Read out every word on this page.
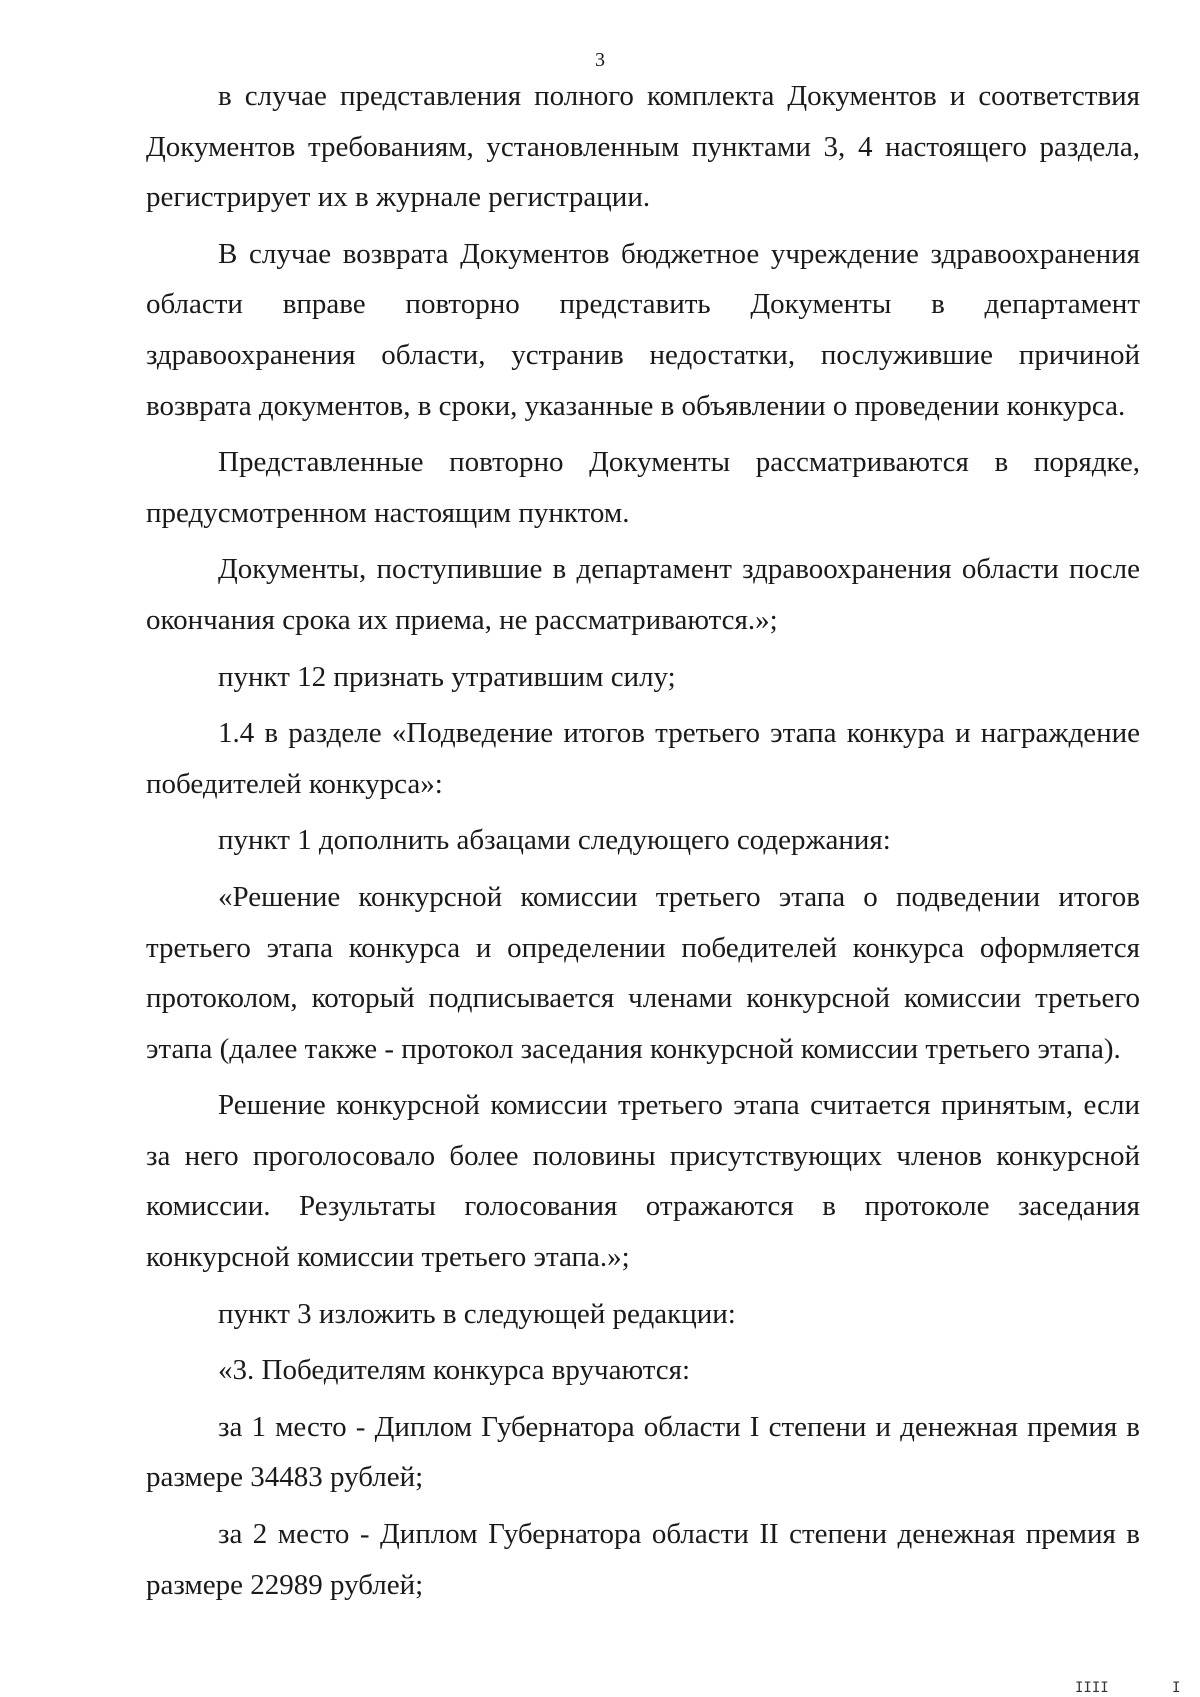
3

в случае представления полного комплекта Документов и соответствия Документов требованиям, установленным пунктами 3, 4 настоящего раздела, регистрирует их в журнале регистрации.

В случае возврата Документов бюджетное учреждение здравоохранения области вправе повторно представить Документы в департамент здравоохранения области, устранив недостатки, послужившие причиной возврата документов, в сроки, указанные в объявлении о проведении конкурса.

Представленные повторно Документы рассматриваются в порядке, предусмотренном настоящим пунктом.

Документы, поступившие в департамент здравоохранения области после окончания срока их приема, не рассматриваются.»;

пункт 12 признать утратившим силу;

1.4 в разделе «Подведение итогов третьего этапа конкура и награждение победителей конкурса»:

пункт 1 дополнить абзацами следующего содержания:

«Решение конкурсной комиссии третьего этапа о подведении итогов третьего этапа конкурса и определении победителей конкурса оформляется протоколом, который подписывается членами конкурсной комиссии третьего этапа (далее также - протокол заседания конкурсной комиссии третьего этапа).

Решение конкурсной комиссии третьего этапа считается принятым, если за него проголосовало более половины присутствующих членов конкурсной комиссии. Результаты голосования отражаются в протоколе заседания конкурсной комиссии третьего этапа.»;

пункт 3 изложить в следующей редакции:

«3. Победителям конкурса вручаются:

за 1 место - Диплом Губернатора области I степени и денежная премия в размере 34483 рублей;

за 2 место - Диплом Губернатора области II степени денежная премия в размере 22989 рублей;

IIII	I
